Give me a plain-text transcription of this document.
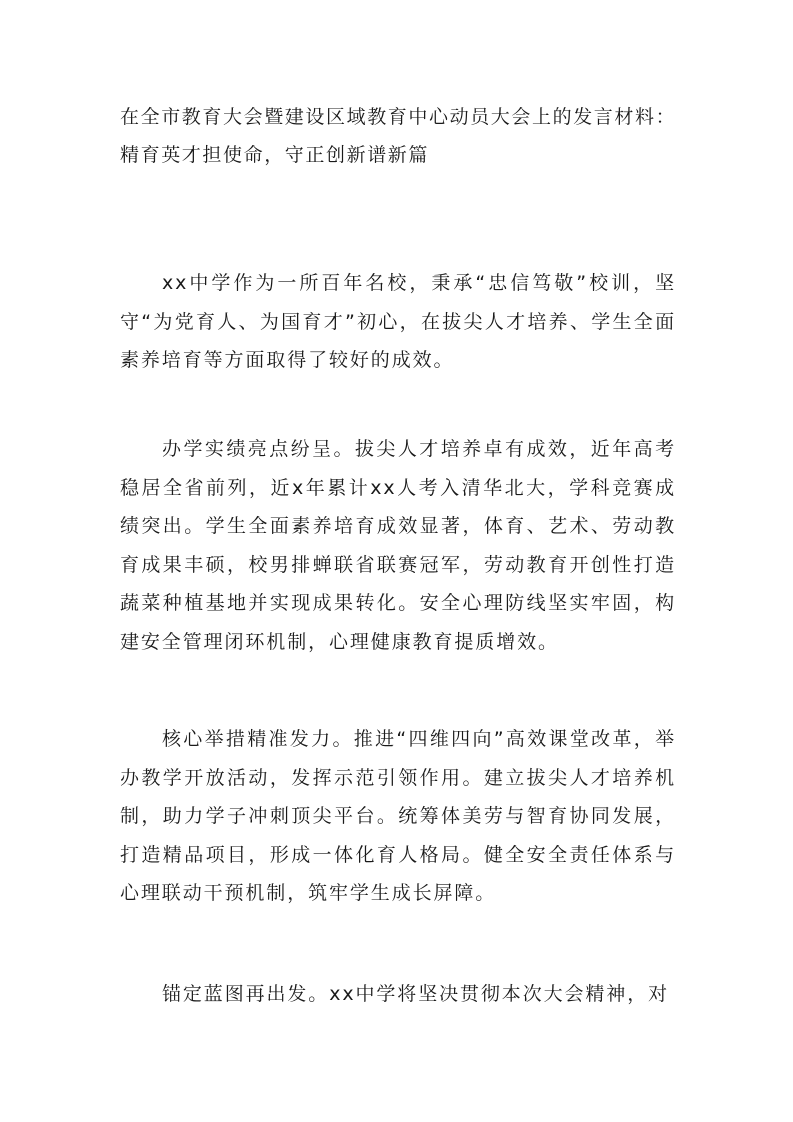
在全市教育大会暨建设区域教育中心动员大会上的发言材料：精育英才担使命，守正创新谱新篇

xx中学作为一所百年名校，秉承“忠信笃敬”校训，坚守“为党育人、为国育才”初心，在拔尖人才培养、学生全面素养培育等方面取得了较好的成效。

办学实绩亮点纷呈。拔尖人才培养卓有成效，近年高考稳居全省前列，近x年累计xx人考入清华北大，学科竞赛成绩突出。学生全面素养培育成效显著，体育、艺术、劳动教育成果丰硕，校男排蝉联省联赛冠军，劳动教育开创性打造蔬菜种植基地并实现成果转化。安全心理防线坚实牢固，构建安全管理闭环机制，心理健康教育提质增效。

核心举措精准发力。推进“四维四向”高效课堂改革，举办教学开放活动，发挥示范引领作用。建立拔尖人才培养机制，助力学子冲刺顶尖平台。统筹体美劳与智育协同发展，打造精品项目，形成一体化育人格局。健全安全责任体系与心理联动干预机制，筑牢学生成长屏障。

锚定蓝图再出发。xx中学将坚决贯彻本次大会精神，对
